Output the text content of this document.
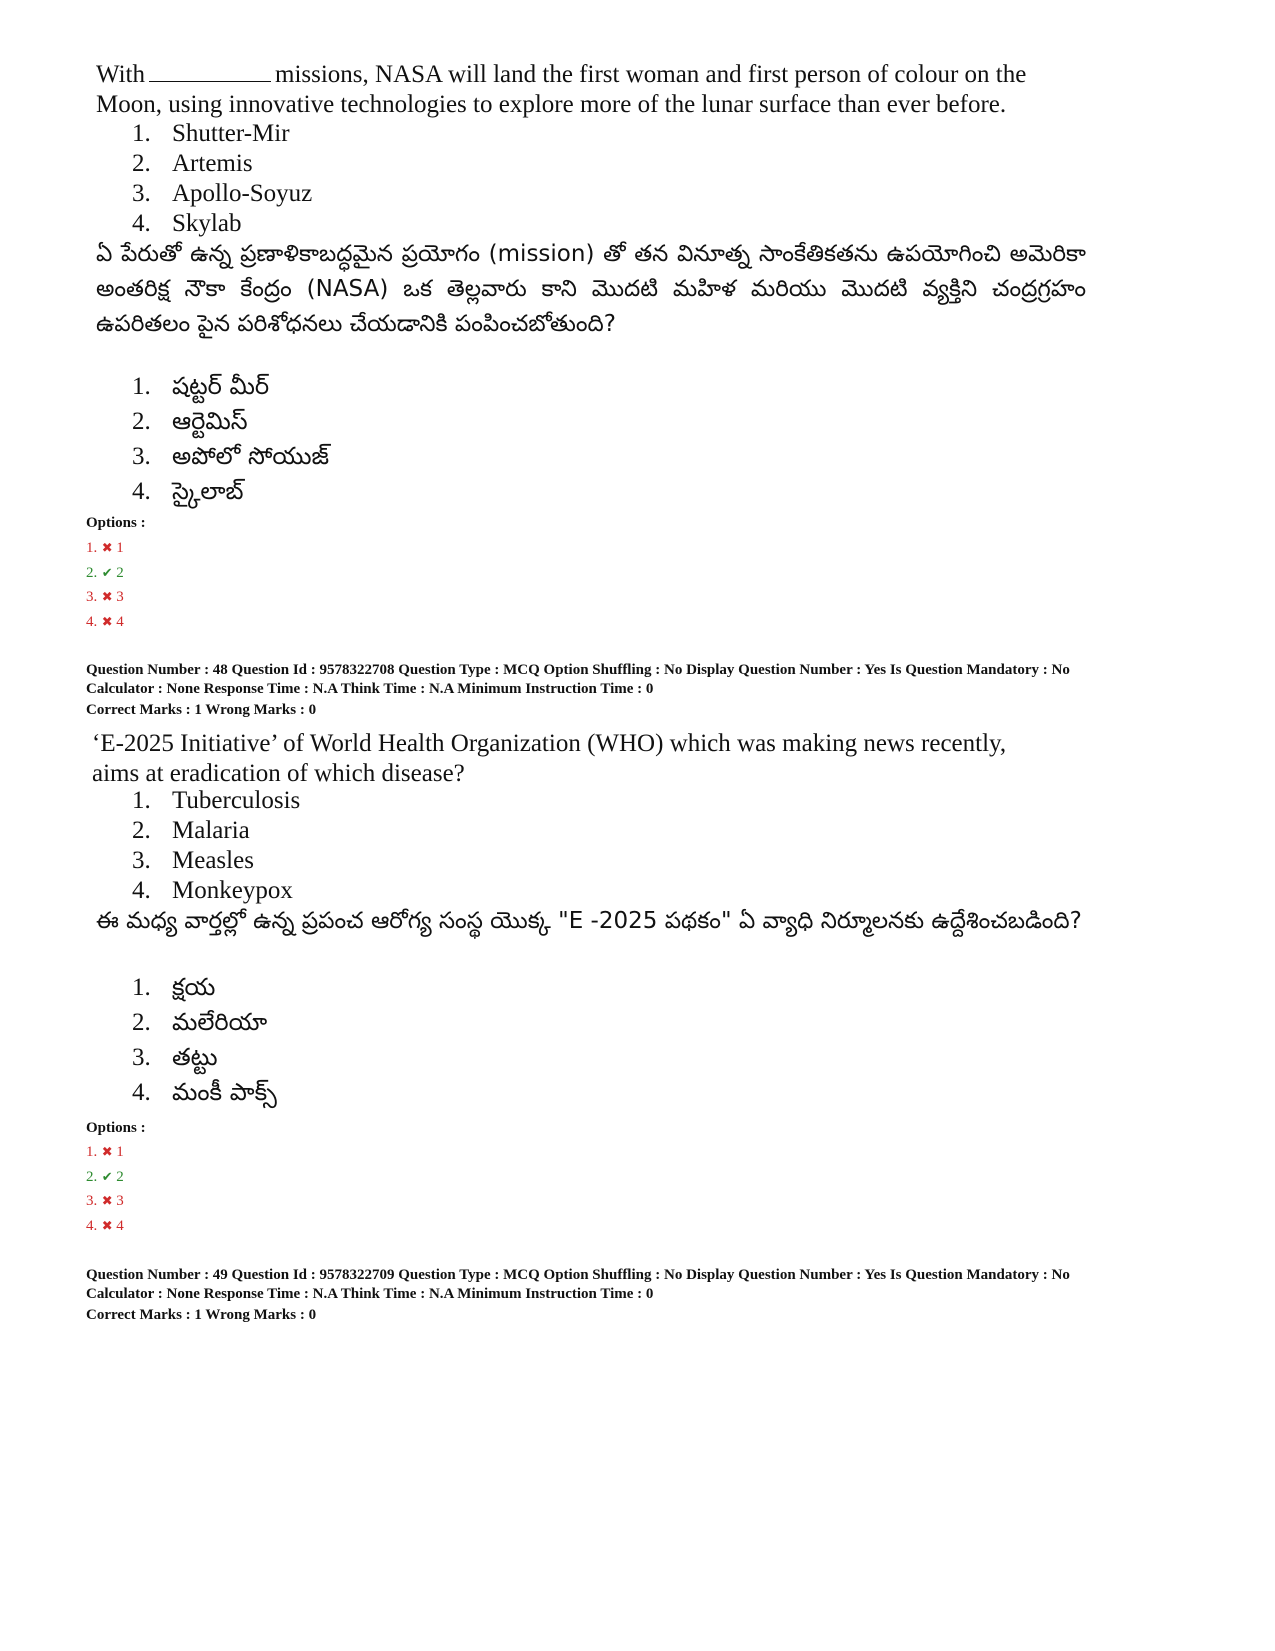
With	missions, NASA will land the first woman and first person of colour on the

Moon, using innovative technologies to explore more of the lunar surface than ever before.

1. Shutter-Mir
2. Artemis
3. Apollo-Soyuz
4. Skylab
ఏ పేరుతో ఉన్న ప్రణాళికాబద్ధమైన ప్రయోగం (mission) తో తన వినూత్న సాంకేతికతను ఉపయోగించి అమెరికా అంతరిక్ష నౌకా కేంద్రం (NASA) ఒక తెల్లవారు కాని మొదటి మహిళ మరియు మొదటి వ్యక్తిని చంద్రగ్రహం ఉపరితలం పైన పరిశోధనలు చేయడానికి పంపించబోతుంది?
1. షట్టర్ మీర్
2. ఆర్టెమిస్
3. అపోలో సోయుజ్
4. స్కైలాబ్
Options :
1. ✖ 1
2. ✔ 2
3. ✖ 3
4. ✖ 4

Question Number : 48 Question Id : 9578322708 Question Type : MCQ Option Shuffling : No Display Question Number : Yes Is Question Mandatory : No

Calculator : None Response Time : N.A Think Time : N.A Minimum Instruction Time : 0

Correct Marks : 1 Wrong Marks : 0

‘E-2025 Initiative’ of World Health Organization (WHO) which was making news recently,

aims at eradication of which disease?

1. Tuberculosis
2. Malaria
3. Measles
4. Monkeypox
ఈ మధ్య వార్తల్లో ఉన్న ప్రపంచ ఆరోగ్య సంస్థ యొక్క "E -2025 పథకం" ఏ వ్యాధి నిర్మూలనకు ఉద్దేశించబడింది?
1. క్షయ
2. మలేరియా
3. తట్టు
4. మంకీ పాక్స్
Options :
1. ✖ 1
2. ✔ 2
3. ✖ 3
4. ✖ 4

Question Number : 49 Question Id : 9578322709 Question Type : MCQ Option Shuffling : No Display Question Number : Yes Is Question Mandatory : No

Calculator : None Response Time : N.A Think Time : N.A Minimum Instruction Time : 0

Correct Marks : 1 Wrong Marks : 0
